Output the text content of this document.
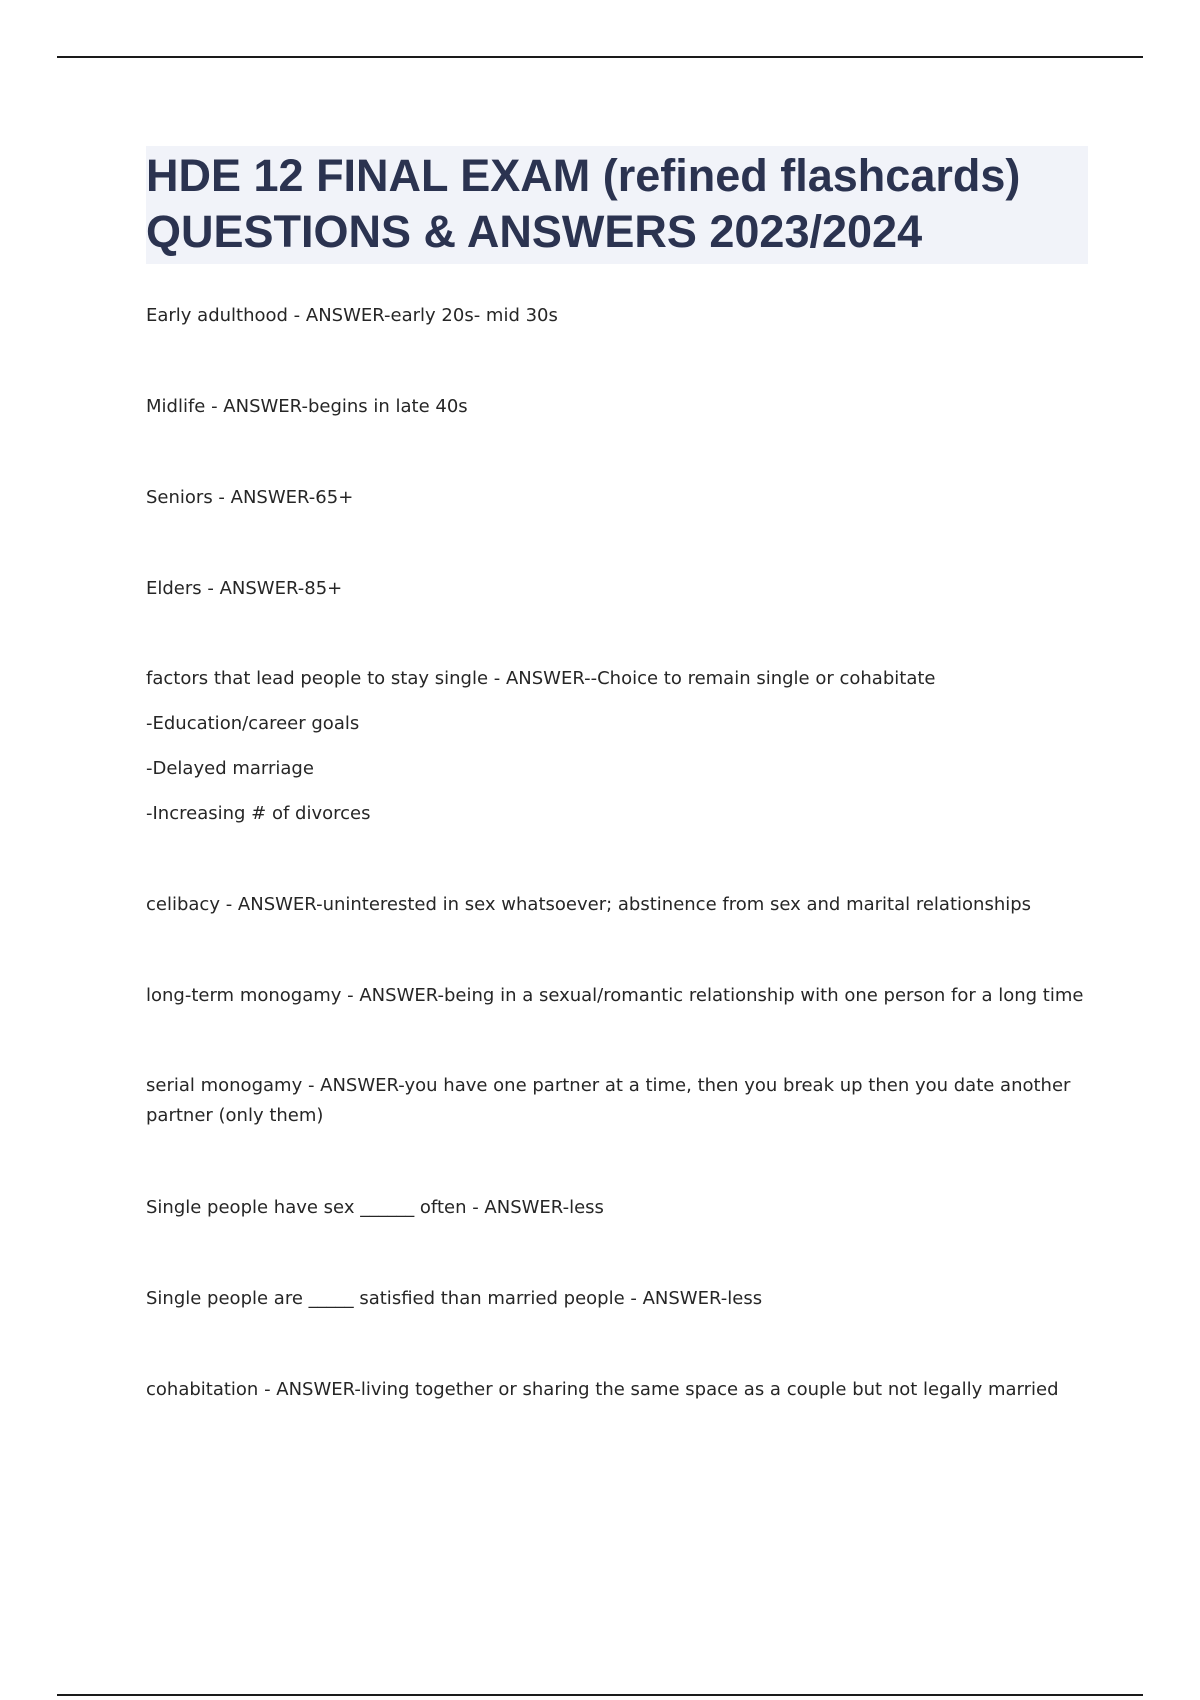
HDE 12 FINAL EXAM (refined flashcards)
QUESTIONS & ANSWERS 2023/2024
Early adulthood - ANSWER-early 20s- mid 30s
Midlife - ANSWER-begins in late 40s
Seniors - ANSWER-65+
Elders - ANSWER-85+
factors that lead people to stay single - ANSWER--Choice to remain single or cohabitate
-Education/career goals
-Delayed marriage
-Increasing # of divorces
celibacy - ANSWER-uninterested in sex whatsoever; abstinence from sex and marital relationships
long-term monogamy - ANSWER-being in a sexual/romantic relationship with one person for a long time
serial monogamy - ANSWER-you have one partner at a time, then you break up then you date another
partner (only them)
Single people have sex ______ often - ANSWER-less
Single people are _____ satisfied than married people - ANSWER-less
cohabitation - ANSWER-living together or sharing the same space as a couple but not legally married
